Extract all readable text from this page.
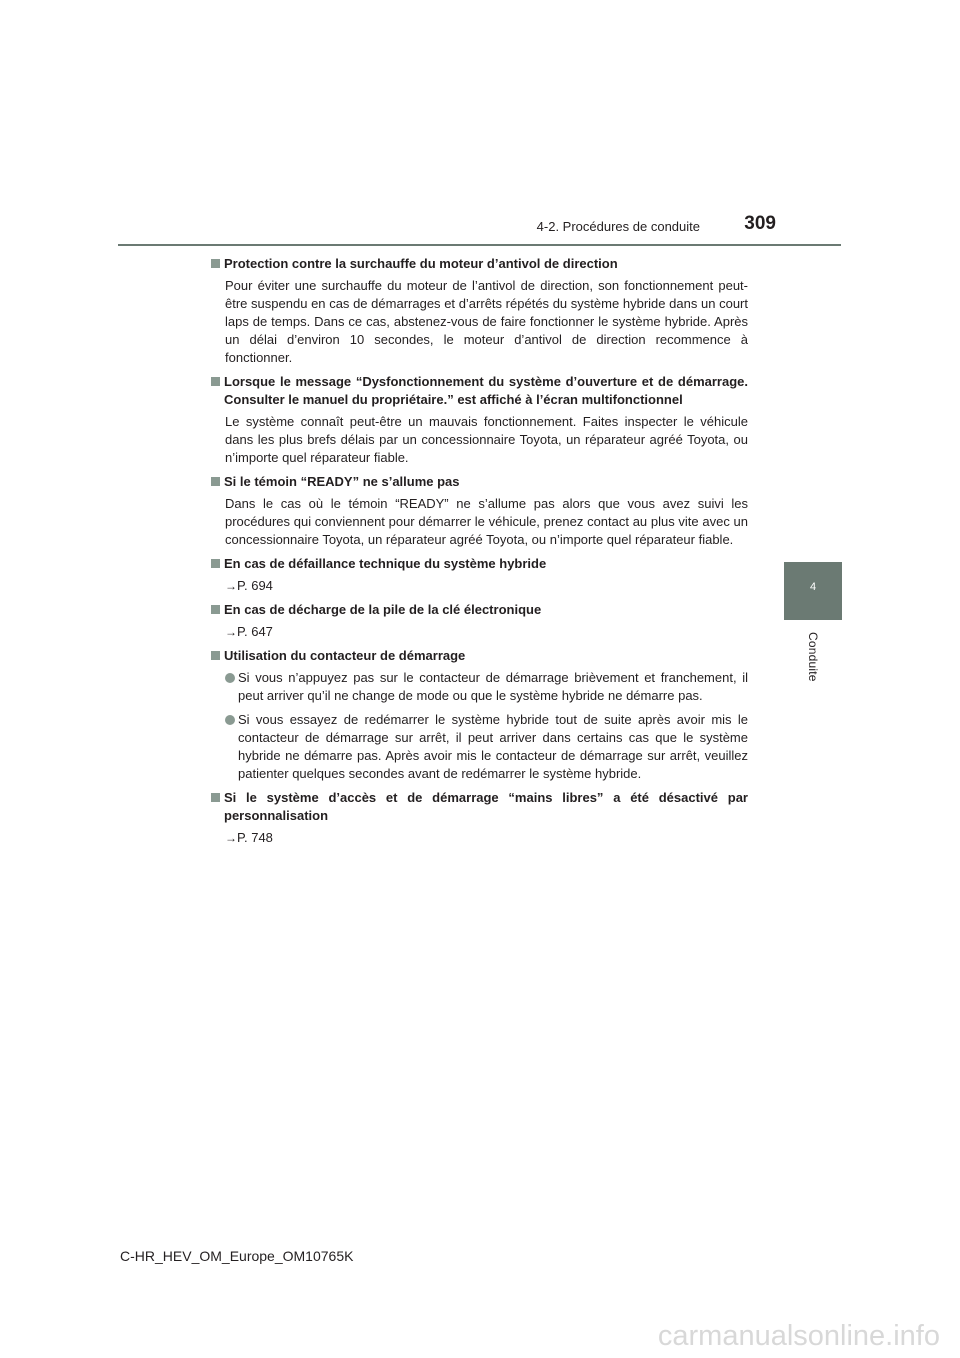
4-2. Procédures de conduite	309
4
Conduite
Protection contre la surchauffe du moteur d’antivol de direction
Pour éviter une surchauffe du moteur de l’antivol de direction, son fonctionnement peut-être suspendu en cas de démarrages et d’arrêts répétés du système hybride dans un court laps de temps. Dans ce cas, abstenez-vous de faire fonctionner le système hybride. Après un délai d’environ 10 secondes, le moteur d’antivol de direction recommence à fonctionner.
Lorsque le message “Dysfonctionnement du système d’ouverture et de démarrage. Consulter le manuel du propriétaire.” est affiché à l’écran multifonctionnel
Le système connaît peut-être un mauvais fonctionnement. Faites inspecter le véhicule dans les plus brefs délais par un concessionnaire Toyota, un réparateur agréé Toyota, ou n’importe quel réparateur fiable.
Si le témoin “READY” ne s’allume pas
Dans le cas où le témoin “READY” ne s’allume pas alors que vous avez suivi les procédures qui conviennent pour démarrer le véhicule, prenez contact au plus vite avec un concessionnaire Toyota, un réparateur agréé Toyota, ou n’importe quel réparateur fiable.
En cas de défaillance technique du système hybride
→P. 694
En cas de décharge de la pile de la clé électronique
→P. 647
Utilisation du contacteur de démarrage
Si vous n’appuyez pas sur le contacteur de démarrage brièvement et franchement, il peut arriver qu’il ne change de mode ou que le système hybride ne démarre pas.
Si vous essayez de redémarrer le système hybride tout de suite après avoir mis le contacteur de démarrage sur arrêt, il peut arriver dans certains cas que le système hybride ne démarre pas. Après avoir mis le contacteur de démarrage sur arrêt, veuillez patienter quelques secondes avant de redémarrer le système hybride.
Si le système d’accès et de démarrage “mains libres” a été désactivé par personnalisation
→P. 748
C-HR_HEV_OM_Europe_OM10765K
carmanualsonline.info
